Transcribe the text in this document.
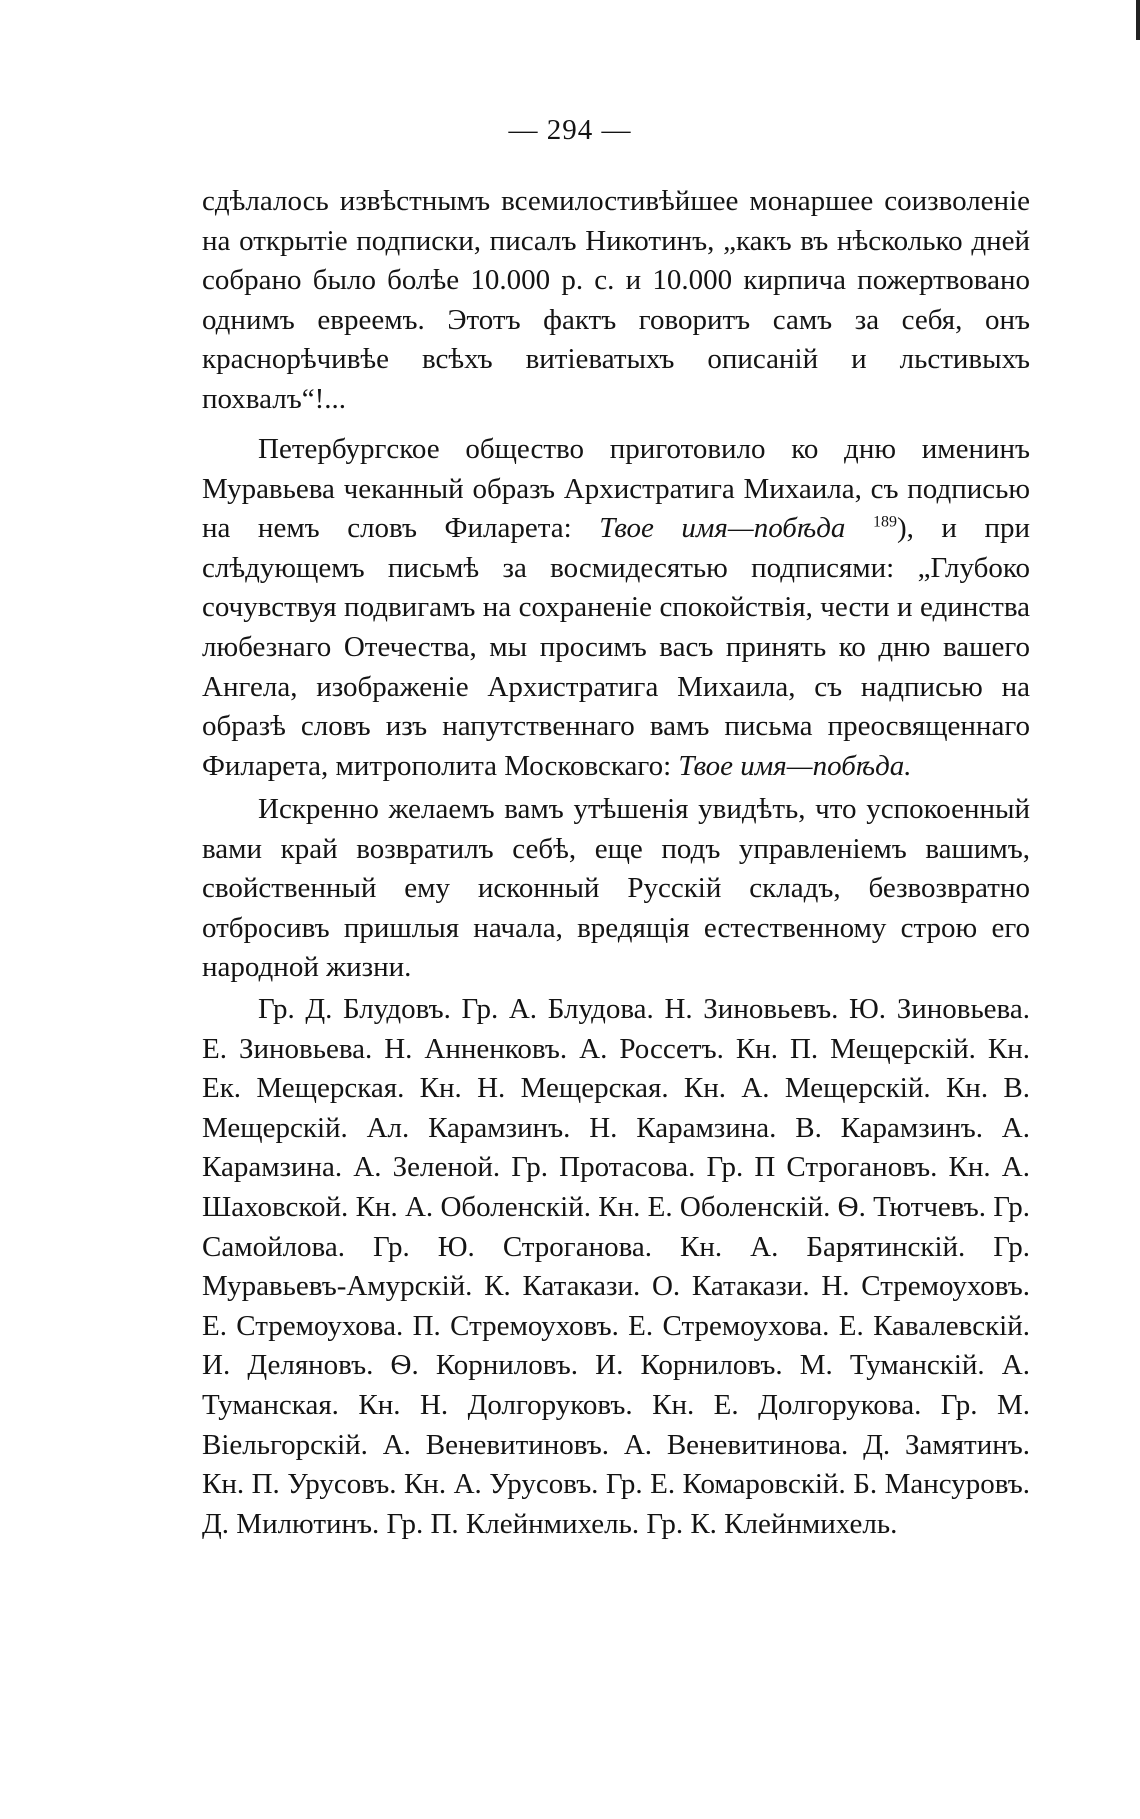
— 294 —

сдѣлалось извѣстнымъ всемилостивѣйшее монаршее соизволенiе на открытiе подписки, писалъ Никотинъ, „какъ въ нѣсколько дней собрано было болѣе 10.000 р. с. и 10.000 кирпича пожертвовано однимъ евреемъ. Этотъ фактъ говоритъ самъ за себя, онъ краснорѣчивѣе всѣхъ витiеватыхъ описанiй и льстивыхъ похвалъ“!...

Петербургское общество приготовило ко дню именинъ Муравьева чеканный образъ Архистратига Михаила, съ подписью на немъ словъ Филарета: Твое имя—побѣда $^{189}$), и при слѣдующемъ письмѣ за восмидесятью подписями: „Глубоко сочувствуя подвигамъ на сохраненiе спокойствiя, чести и единства любезнаго Отечества, мы просимъ васъ принять ко дню вашего Ангела, изображенiе Архистратига Михаила, съ надписью на образѣ словъ изъ напутственнаго вамъ письма преосвященнаго Филарета, митрополита Московскаго: Твое имя—побѣда.

Искренно желаемъ вамъ утѣшенiя увидѣть, что успокоенный вами край возвратилъ себѣ, еще подъ управленiемъ вашимъ, свойственный ему исконный Русскiй складъ, безвозвратно отбросивъ пришлыя начала, вредящiя естественному строю его народной жизни.

Гр. Д. Блудовъ. Гр. А. Блудова. Н. Зиновьевъ. Ю. Зиновьева. Е. Зиновьева. Н. Анненковъ. А. Россетъ. Кн. П. Мещерскiй. Кн. Ек. Мещерская. Кн. Н. Мещерская. Кн. А. Мещерскiй. Кн. В. Мещерскiй. Ал. Карамзинъ. Н. Карамзина. В. Карамзинъ. А. Карамзина. А. Зеленой. Гр. Протасова. Гр. П Строгановъ. Кн. А. Шаховской. Кн. А. Оболенскiй. Кн. Е. Оболенскiй. Ѳ. Тютчевъ. Гр. Самойлова. Гр. Ю. Строганова. Кн. А. Барятинскiй. Гр. Муравьевъ-Амурскiй. К. Катакази. О. Катакази. Н. Стремоуховъ. Е. Стремоухова. П. Стремоуховъ. Е. Стремоухова. Е. Кавалевскiй. И. Деляновъ. Ѳ. Корниловъ. И. Корниловъ. М. Туманскiй. А. Туманская. Кн. Н. Долгоруковъ. Кн. Е. Долгорукова. Гр. М. Вiельгорскiй. А. Веневитиновъ. А. Веневитинова. Д. Замятинъ. Кн. П. Урусовъ. Кн. А. Урусовъ. Гр. Е. Комаровскiй. Б. Мансуровъ. Д. Милютинъ. Гр. П. Клейнмихель. Гр. К. Клейнмихель.
